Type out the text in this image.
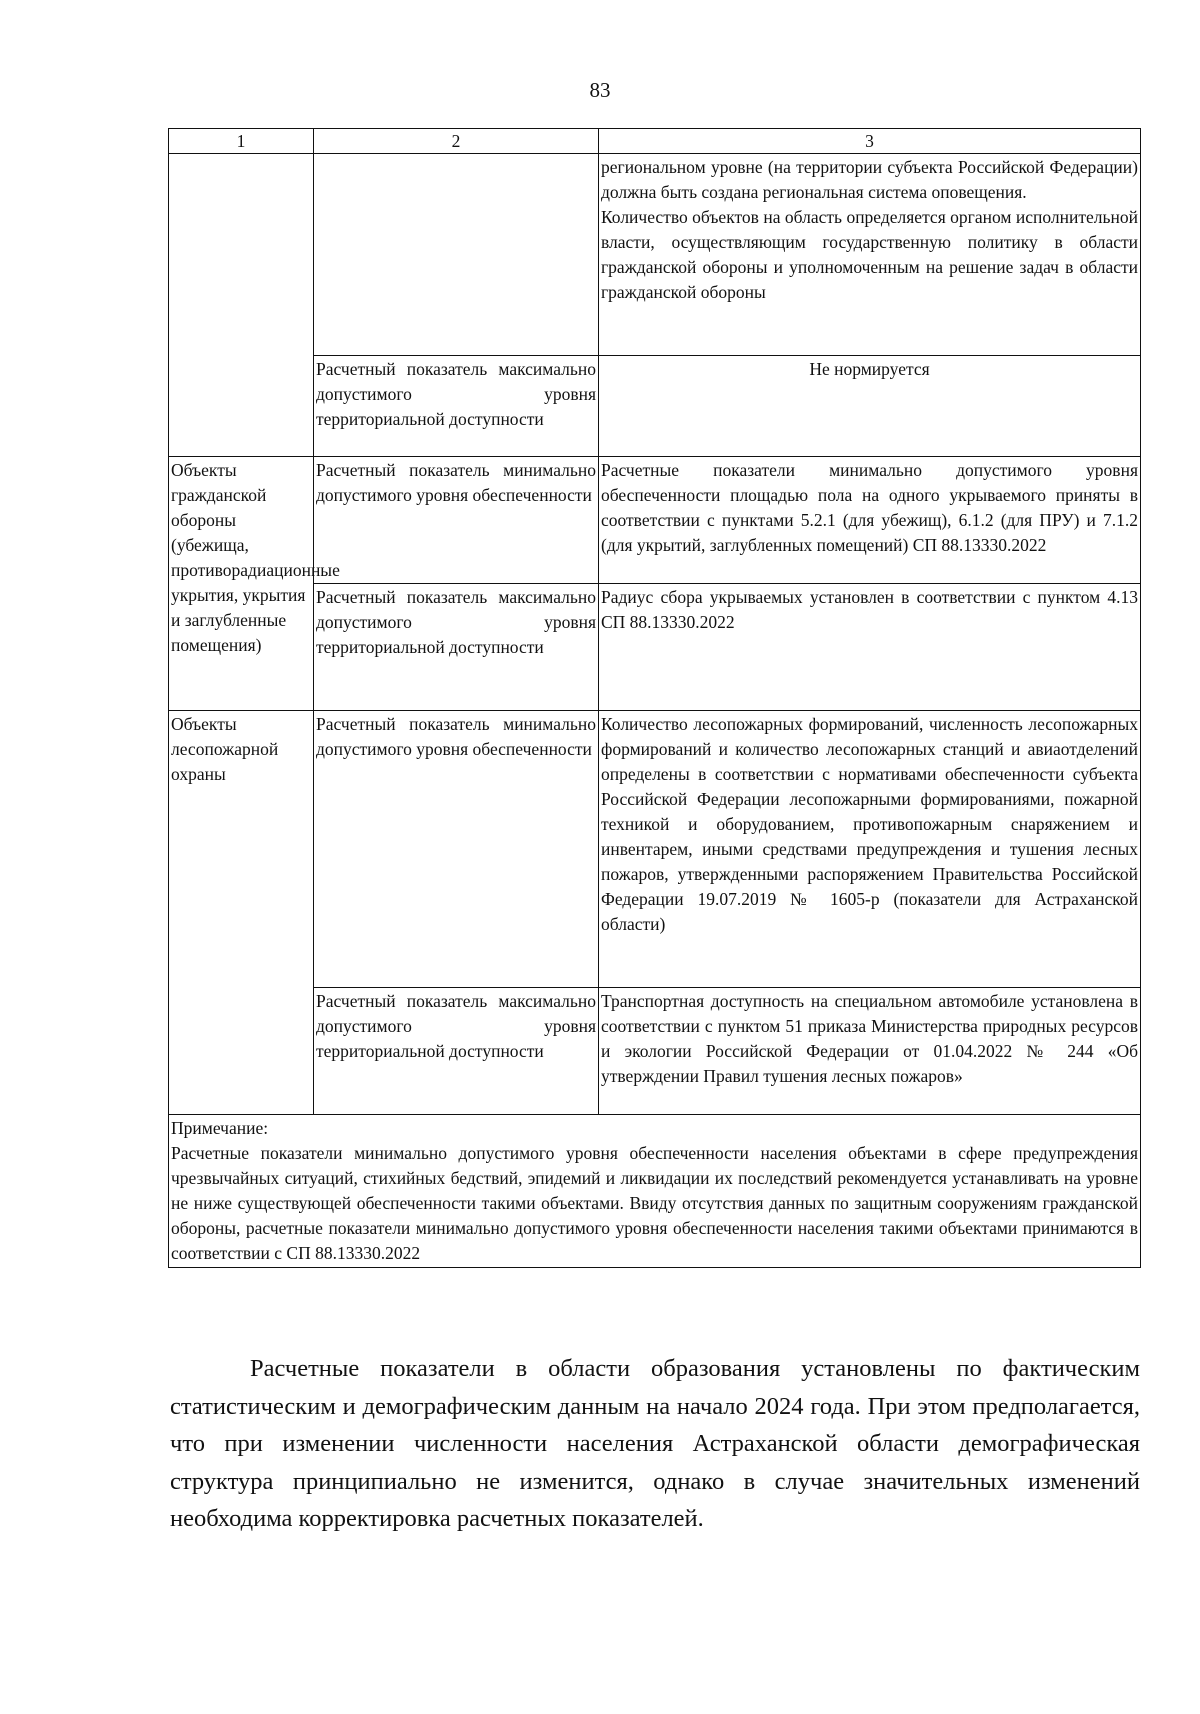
83
1	2	3
		региональном уровне (на территории субъекта Российской Федерации) должна быть создана региональная система оповещения.
Количество объектов на область определяется органом исполнительной власти, осуществляющим государственную политику в области гражданской обороны и уполномоченным на решение задач в области гражданской обороны
	Расчетный показатель максимально допустимого уровня территориальной доступности	Не нормируется
Объекты гражданской обороны (убежища, противорадиационные укрытия, укрытия и заглубленные помещения)	Расчетный показатель минимально допустимого уровня обеспеченности	Расчетные показатели минимально допустимого уровня обеспеченности площадью пола на одного укрываемого приняты в соответствии с пунктами 5.2.1 (для убежищ), 6.1.2 (для ПРУ) и 7.1.2 (для укрытий, заглубленных помещений) СП 88.13330.2022
	Расчетный показатель максимально допустимого уровня территориальной доступности	Радиус сбора укрываемых установлен в соответствии с пунктом 4.13 СП 88.13330.2022
Объекты лесопожарной охраны	Расчетный показатель минимально допустимого уровня обеспеченности	Количество лесопожарных формирований, численность лесопожарных формирований и количество лесопожарных станций и авиаотделений определены в соответствии с нормативами обеспеченности субъекта Российской Федерации лесопожарными формированиями, пожарной техникой и оборудованием, противопожарным снаряжением и инвентарем, иными средствами предупреждения и тушения лесных пожаров, утвержденными распоряжением Правительства Российской Федерации 19.07.2019 № 1605-р (показатели для Астраханской области)
	Расчетный показатель максимально допустимого уровня территориальной доступности	Транспортная доступность на специальном автомобиле установлена в соответствии с пунктом 51 приказа Министерства природных ресурсов и экологии Российской Федерации от 01.04.2022 № 244 «Об утверждении Правил тушения лесных пожаров»

Примечание:
Расчетные показатели минимально допустимого уровня обеспеченности населения объектами в сфере предупреждения чрезвычайных ситуаций, стихийных бедствий, эпидемий и ликвидации их последствий рекомендуется устанавливать на уровне не ниже существующей обеспеченности такими объектами. Ввиду отсутствия данных по защитным сооружениям гражданской обороны, расчетные показатели минимально допустимого уровня обеспеченности населения такими объектами принимаются в соответствии с СП 88.13330.2022		
Расчетные показатели в области образования установлены по фактическим статистическим и демографическим данным на начало 2024 года. При этом предполагается, что при изменении численности населения Астраханской области демографическая структура принципиально не изменится, однако в случае значительных изменений необходима корректировка расчетных показателей.
